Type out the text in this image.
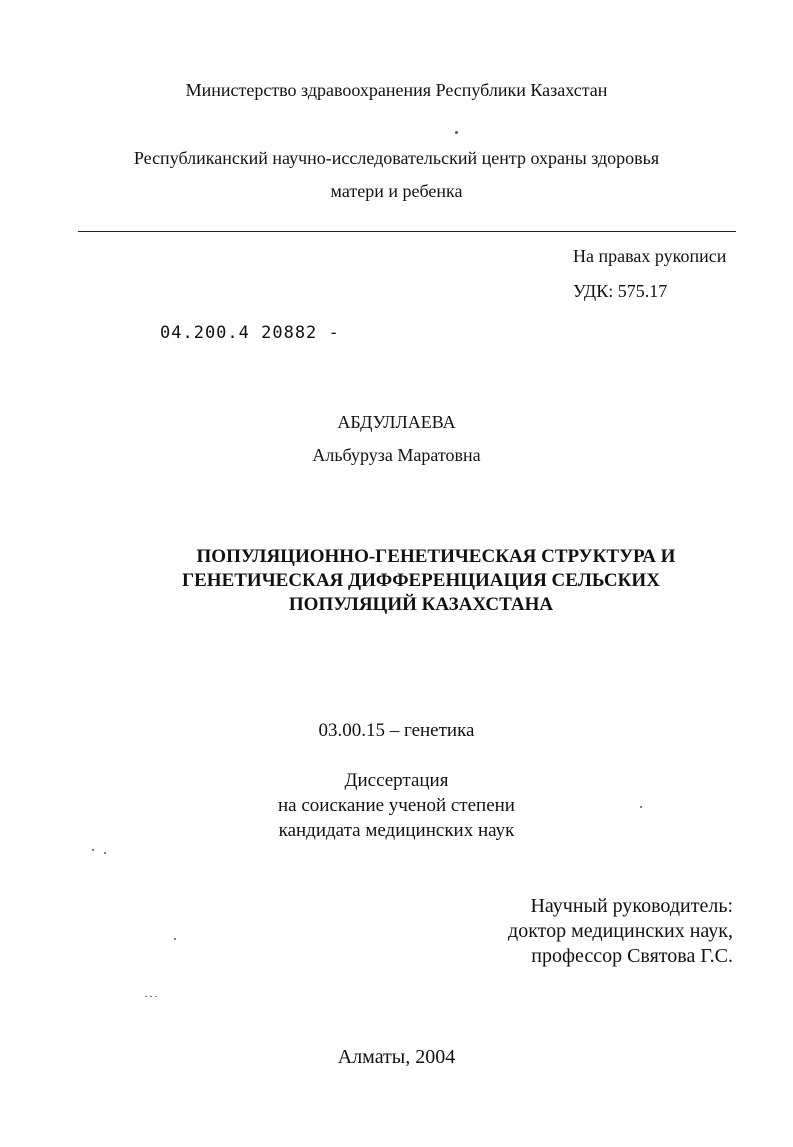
Министерство здравоохранения Республики Казахстан
Республиканский научно-исследовательский центр охраны здоровья
матери и ребенка
На правах рукописи
УДК: 575.17
04.200.4 20882 -
АБДУЛЛАЕВА
Альбуруза Маратовна
ПОПУЛЯЦИОННО-ГЕНЕТИЧЕСКАЯ СТРУКТУРА И
ГЕНЕТИЧЕСКАЯ ДИФФЕРЕНЦИАЦИЯ СЕЛЬСКИХ
ПОПУЛЯЦИЙ КАЗАХСТАНА
03.00.15 – генетика
Диссертация
на соискание ученой степени
кандидата медицинских наук
Научный руководитель:
доктор медицинских наук,
профессор Святова Г.С.
Алматы, 2004
